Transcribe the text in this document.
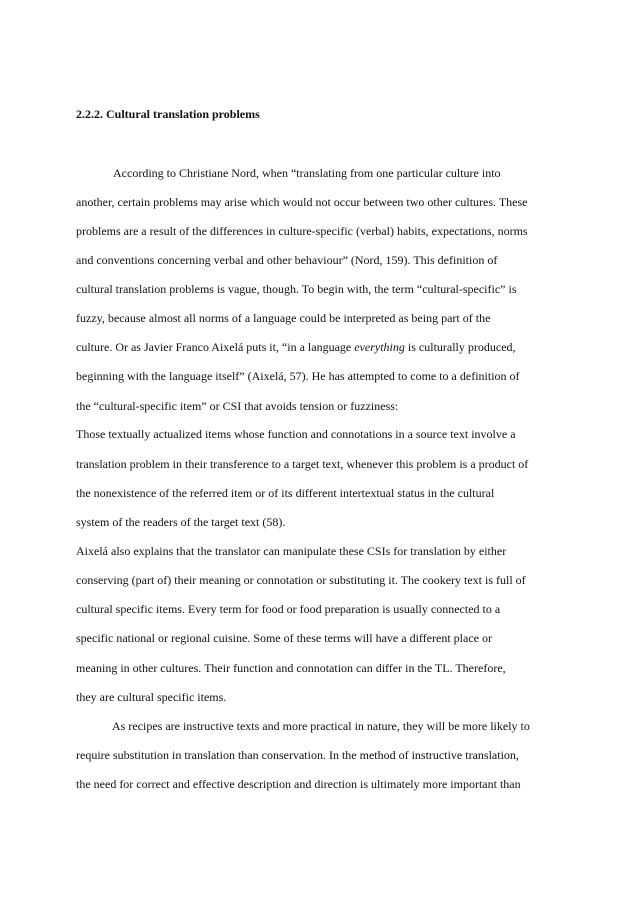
2.2.2. Cultural translation problems
According to Christiane Nord, when “translating from one particular culture into
another, certain problems may arise which would not occur between two other cultures. These
problems are a result of the differences in culture-specific (verbal) habits, expectations, norms
and conventions concerning verbal and other behaviour” (Nord, 159). This definition of
cultural translation problems is vague, though. To begin with, the term “cultural-specific” is
fuzzy, because almost all norms of a language could be interpreted as being part of the
culture. Or as Javier Franco Aixelá puts it, “in a language everything is culturally produced,
beginning with the language itself” (Aixelá, 57). He has attempted to come to a definition of
the “cultural-specific item” or CSI that avoids tension or fuzziness:
Those textually actualized items whose function and connotations in a source text involve a
translation problem in their transference to a target text, whenever this problem is a product of
the nonexistence of the referred item or of its different intertextual status in the cultural
system of the readers of the target text (58).
Aixelá also explains that the translator can manipulate these CSIs for translation by either
conserving (part of) their meaning or connotation or substituting it. The cookery text is full of
cultural specific items. Every term for food or food preparation is usually connected to a
specific national or regional cuisine. Some of these terms will have a different place or
meaning in other cultures. Their function and connotation can differ in the TL. Therefore,
they are cultural specific items.
As recipes are instructive texts and more practical in nature, they will be more likely to
require substitution in translation than conservation. In the method of instructive translation,
the need for correct and effective description and direction is ultimately more important than
